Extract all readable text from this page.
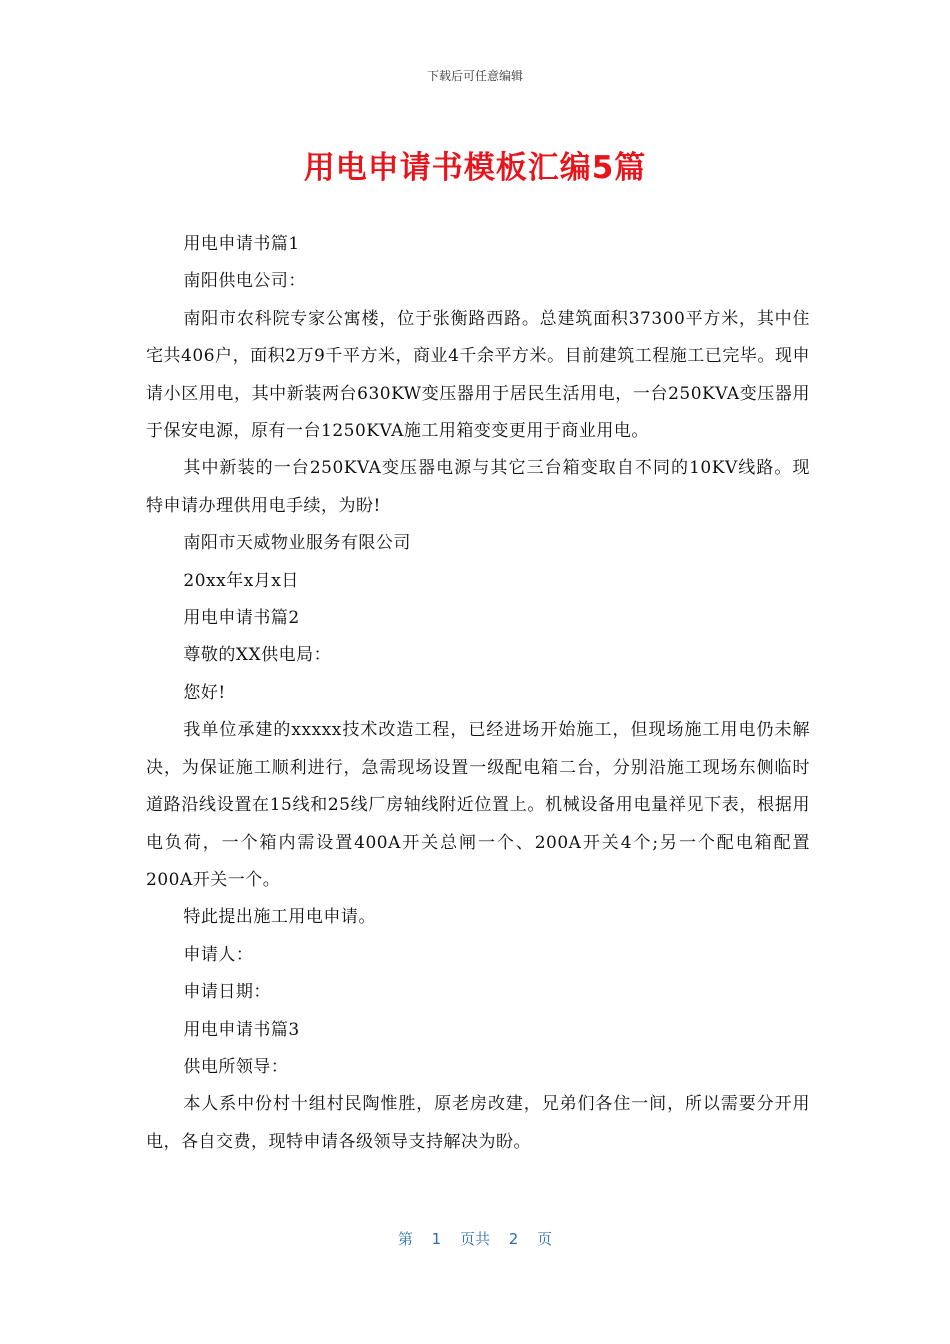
下载后可任意编辑
用电申请书模板汇编5篇

用电申请书篇1

南阳供电公司：

南阳市农科院专家公寓楼，位于张衡路西路。总建筑面积37300平方米，其中住宅共406户，面积2万9千平方米，商业4千余平方米。目前建筑工程施工已完毕。现申请小区用电，其中新装两台630KW变压器用于居民生活用电，一台250KVA变压器用于保安电源，原有一台1250KVA施工用箱变变更用于商业用电。

其中新装的一台250KVA变压器电源与其它三台箱变取自不同的10KV线路。现特申请办理供用电手续，为盼!

南阳市天威物业服务有限公司

20xx年x月x日

用电申请书篇2

尊敬的XX供电局：

您好!

我单位承建的xxxxx技术改造工程，已经进场开始施工，但现场施工用电仍未解决，为保证施工顺利进行，急需现场设置一级配电箱二台，分别沿施工现场东侧临时道路沿线设置在15线和25线厂房轴线附近位置上。机械设备用电量祥见下表，根据用电负荷，一个箱内需设置400A开关总闸一个、200A开关4个;另一个配电箱配置200A开关一个。

特此提出施工用电申请。

申请人：

申请日期：

用电申请书篇3

供电所领导：

本人系中份村十组村民陶惟胜，原老房改建，兄弟们各住一间，所以需要分开用电，各自交费，现特申请各级领导支持解决为盼。

第 1 页共 2 页
